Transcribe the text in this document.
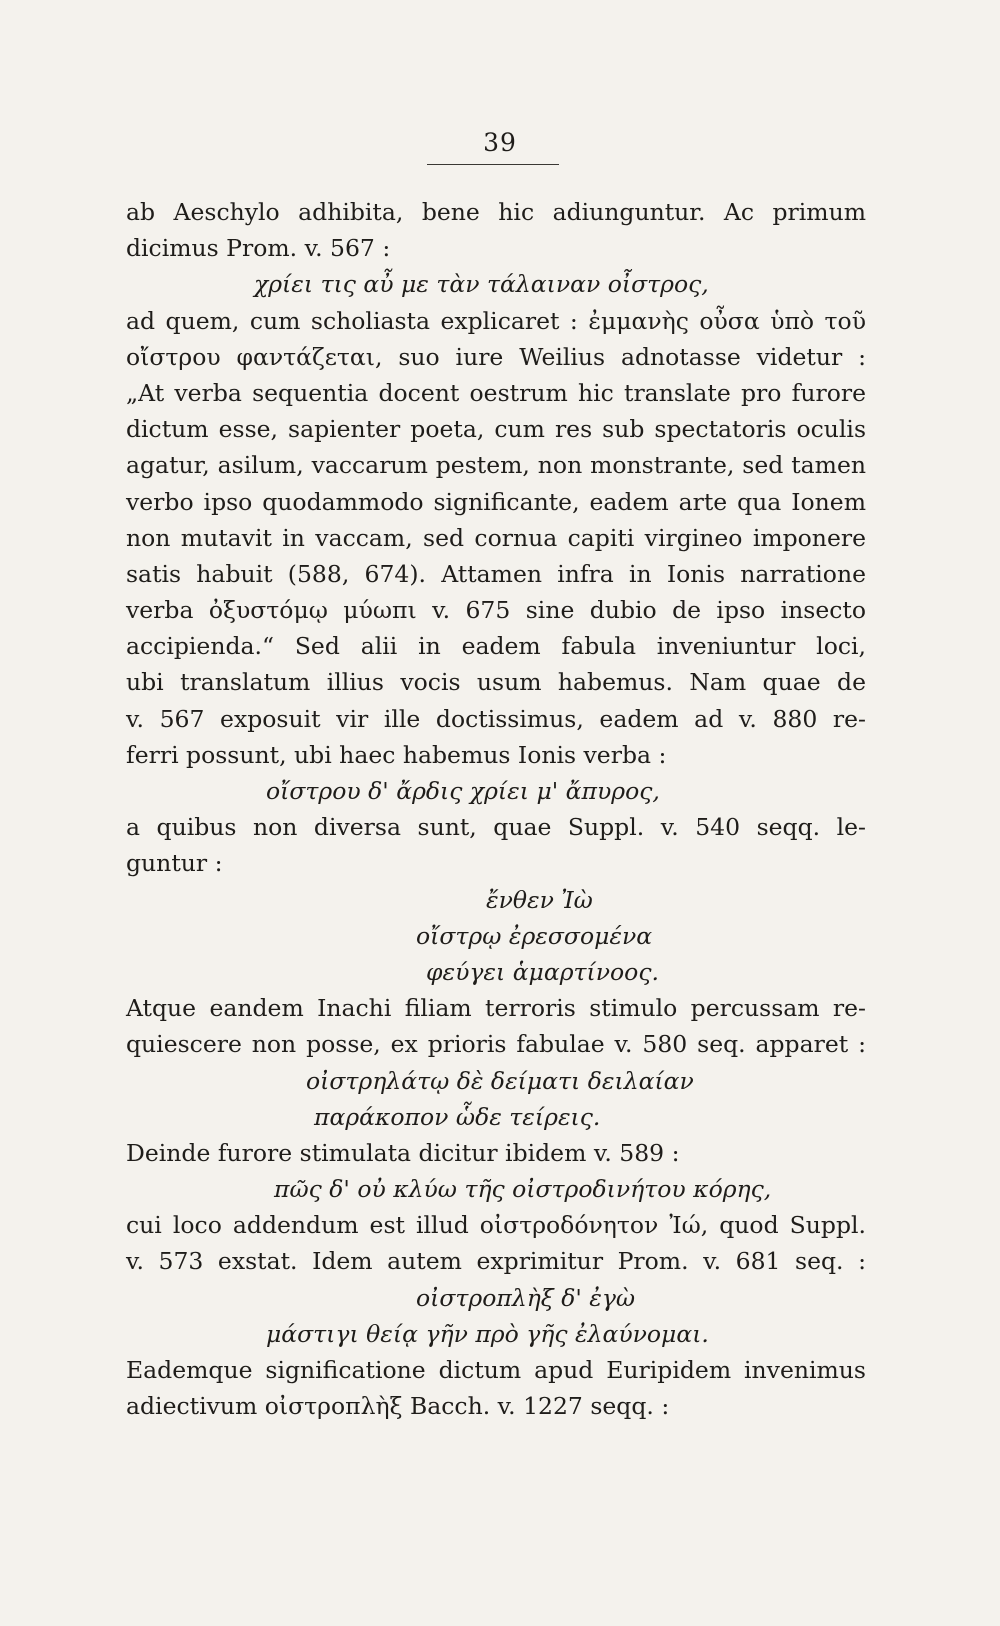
39
ab Aeschylo adhibita, bene hic adiunguntur. Ac primum
dicimus Prom. v. 567 :
χρίει τις αὖ με τὰν τάλαιναν οἶστρος,
ad quem, cum scholiasta explicaret : ἐμμανὴς οὖσα ὑπὸ τοῦ
οἴστρου φαντάζεται, suo iure Weilius adnotasse videtur :
„At verba sequentia docent oestrum hic translate pro furore
dictum esse, sapienter poeta, cum res sub spectatoris oculis
agatur, asilum, vaccarum pestem, non monstrante, sed tamen
verbo ipso quodammodo significante, eadem arte qua Ionem
non mutavit in vaccam, sed cornua capiti virgineo imponere
satis habuit (588, 674). Attamen infra in Ionis narratione
verba ὀξυστόμῳ μύωπι v. 675 sine dubio de ipso insecto
accipienda.“ Sed alii in eadem fabula inveniuntur loci,
ubi translatum illius vocis usum habemus. Nam quae de
v. 567 exposuit vir ille doctissimus, eadem ad v. 880 re-
ferri possunt, ubi haec habemus Ionis verba :
οἴστρου δ' ἄρδις χρίει μ' ἄπυρος,
a quibus non diversa sunt, quae Suppl. v. 540 seqq. le-
guntur :
ἔνθεν Ἰὼ
οἴστρῳ ἐρεσσομένα
φεύγει ἁμαρτίνοος.
Atque eandem Inachi filiam terroris stimulo percussam re-
quiescere non posse, ex prioris fabulae v. 580 seq. apparet :
οἰστρηλάτῳ δὲ δείματι δειλαίαν
παράκοπον ὧδε τείρεις.
Deinde furore stimulata dicitur ibidem v. 589 :
πῶς δ' οὐ κλύω τῆς οἰστροδινήτου κόρης,
cui loco addendum est illud οἰστροδόνητον Ἰώ, quod Suppl.
v. 573 exstat. Idem autem exprimitur Prom. v. 681 seq. :
οἰστροπλὴξ δ' ἐγὼ
μάστιγι θείᾳ γῆν πρὸ γῆς ἐλαύνομαι.
Eademque significatione dictum apud Euripidem invenimus
adiectivum οἰστροπλὴξ Bacch. v. 1227 seqq. :
